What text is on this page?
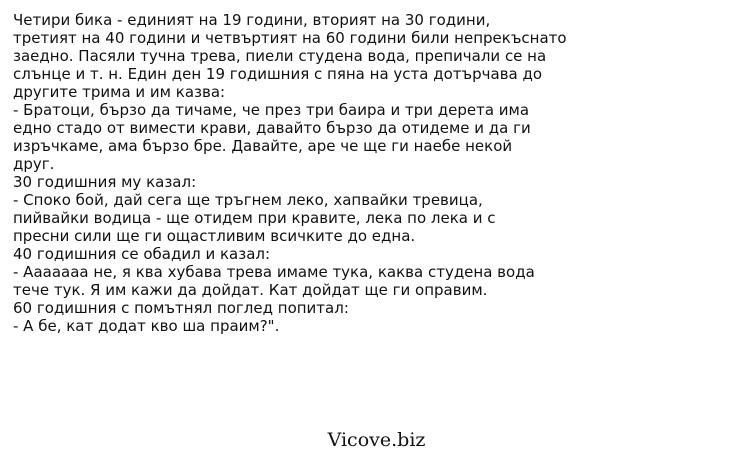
Четири бика - единият на 19 години, вторият на 30 години,
третият на 40 години и четвъртият на 60 години били непрекъснато
заедно. Пасяли тучна трева, пиели студена вода, препичали се на
слънце и т. н. Един ден 19 годишния с пяна на уста дотърчава до
другите трима и им казва:
- Братоци, бързо да тичаме, че през три баира и три дерета има
едно стадо от вимести крави, давайто бързо да отидеме и да ги
изръчкаме, ама бързо бре. Давайте, аре че ще ги наебе некой
друг.
30 годишния му казал:
- Споко бой, дай сега ще тръгнем леко, хапвайки тревица,
пийвайки водица - ще отидем при кравите, лека по лека и с
пресни сили ще ги ощастливим всичките до една.
40 годишния се обадил и казал:
- Ааааааа не, я ква хубава трева имаме тука, каква студена вода
тече тук. Я им кажи да дойдат. Кат дойдат ще ги оправим.
60 годишния с помътнял поглед попитал:
- А бе, кат додат кво ша праим?".
Vicove.biz
